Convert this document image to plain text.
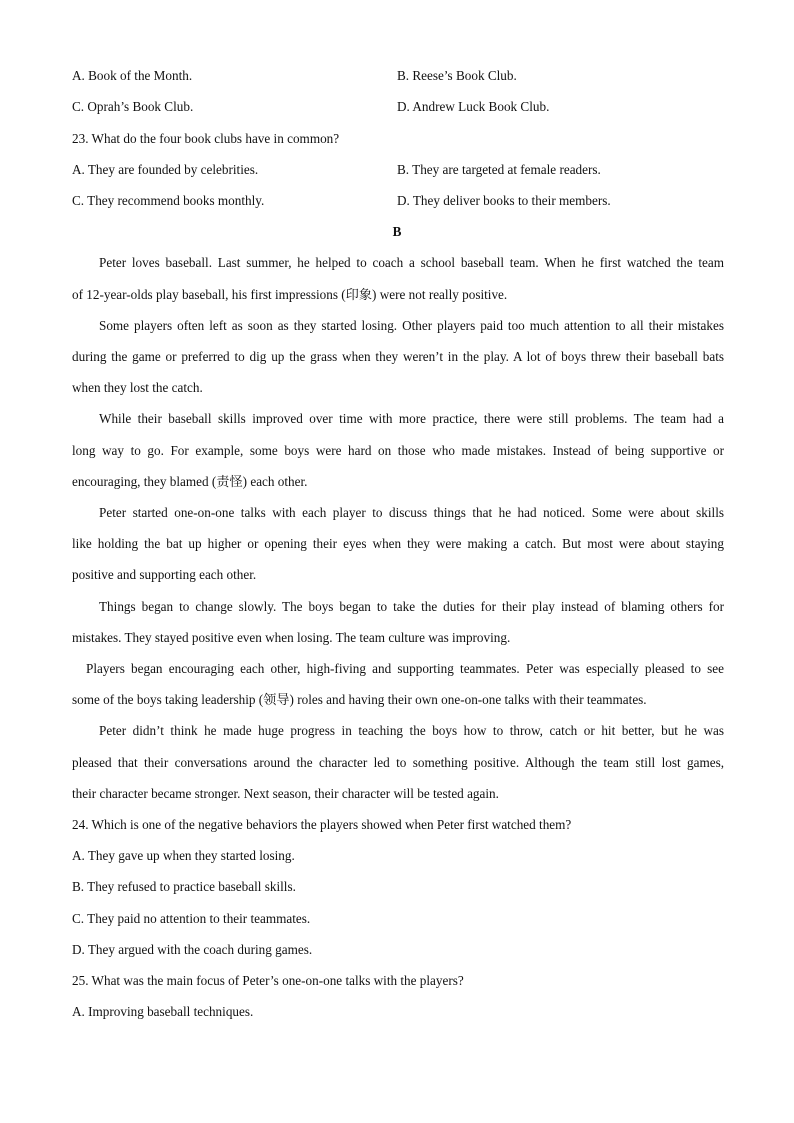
A. Book of the Month.	B. Reese’s Book Club.
C. Oprah’s Book Club.	D. Andrew Luck Book Club.
23. What do the four book clubs have in common?
A. They are founded by celebrities.	B. They are targeted at female readers.
C. They recommend books monthly.	D. They deliver books to their members.
B
Peter loves baseball. Last summer, he helped to coach a school baseball team. When he first watched the team
of 12-year-olds play baseball, his first impressions (印象) were not really positive.
Some players often left as soon as they started losing. Other players paid too much attention to all their mistakes
during the game or preferred to dig up the grass when they weren’t in the play. A lot of boys threw their baseball bats
when they lost the catch.
While their baseball skills improved over time with more practice, there were still problems. The team had a
long way to go. For example, some boys were hard on those who made mistakes. Instead of being supportive or
encouraging, they blamed (责怪) each other.
Peter started one-on-one talks with each player to discuss things that he had noticed. Some were about skills
like holding the bat up higher or opening their eyes when they were making a catch. But most were about staying
positive and supporting each other.
Things began to change slowly. The boys began to take the duties for their play instead of blaming others for
mistakes. They stayed positive even when losing. The team culture was improving.
Players began encouraging each other, high-fiving and supporting teammates. Peter was especially pleased to see
some of the boys taking leadership (领导) roles and having their own one-on-one talks with their teammates.
Peter didn’t think he made huge progress in teaching the boys how to throw, catch or hit better, but he was
pleased that their conversations around the character led to something positive. Although the team still lost games,
their character became stronger. Next season, their character will be tested again.
24. Which is one of the negative behaviors the players showed when Peter first watched them?
A. They gave up when they started losing.
B. They refused to practice baseball skills.
C. They paid no attention to their teammates.
D. They argued with the coach during games.
25. What was the main focus of Peter’s one-on-one talks with the players?
A. Improving baseball techniques.
